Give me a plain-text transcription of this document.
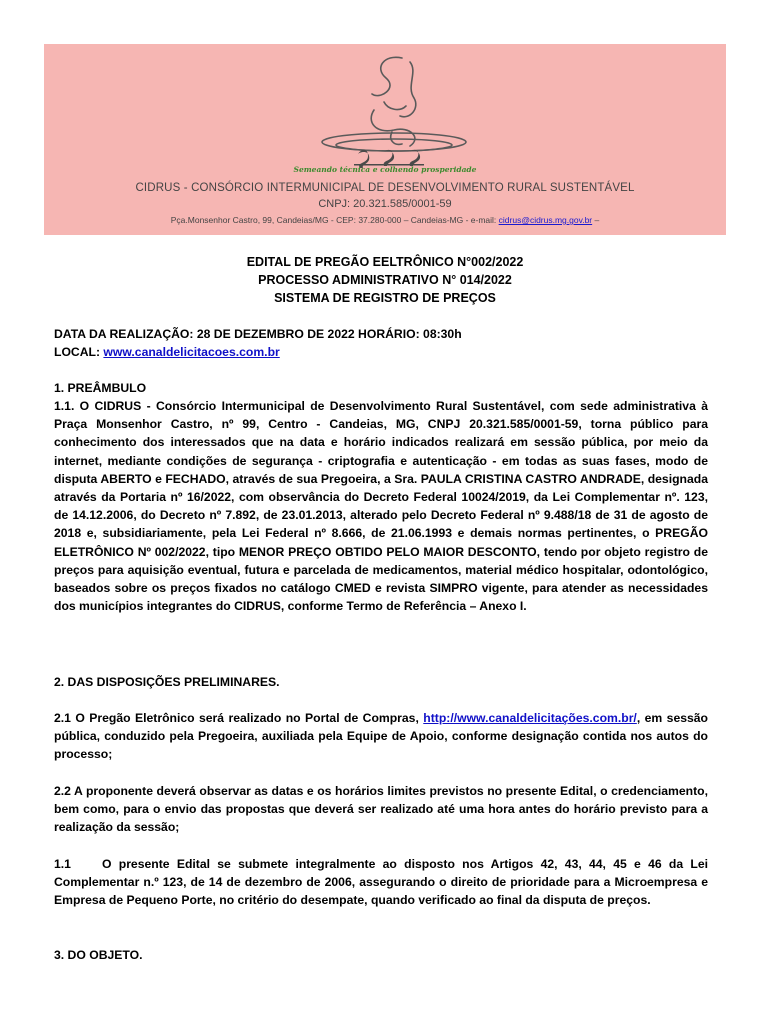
Semeando técnica e colhendo prosperidade
CIDRUS - CONSÓRCIO INTERMUNICIPAL DE DESENVOLVIMENTO RURAL SUSTENTÁVEL
CNPJ: 20.321.585/0001-59
Pça.Monsenhor Castro, 99, Candeias/MG - CEP: 37.280-000 – Candeias-MG - e-mail: cidrus@cidrus.mg.gov.br –
EDITAL DE PREGÃO EELTRÔNICO N°002/2022
PROCESSO ADMINISTRATIVO N° 014/2022
SISTEMA DE REGISTRO DE PREÇOS
DATA DA REALIZAÇÃO: 28 DE DEZEMBRO DE 2022 HORÁRIO: 08:30h
LOCAL: www.canaldelicitacoes.com.br
1. PREÂMBULO
1.1. O CIDRUS - Consórcio Intermunicipal de Desenvolvimento Rural Sustentável, com sede administrativa à Praça Monsenhor Castro, nº 99, Centro - Candeias, MG, CNPJ 20.321.585/0001-59, torna público para conhecimento dos interessados que na data e horário indicados realizará em sessão pública, por meio da internet, mediante condições de segurança - criptografia e autenticação - em todas as suas fases, modo de disputa ABERTO e FECHADO, através de sua Pregoeira, a Sra. PAULA CRISTINA CASTRO ANDRADE, designada através da Portaria nº 16/2022, com observância do Decreto Federal 10024/2019, da Lei Complementar nº. 123, de 14.12.2006, do Decreto nº 7.892, de 23.01.2013, alterado pelo Decreto Federal nº 9.488/18 de 31 de agosto de 2018 e, subsidiariamente, pela Lei Federal nº 8.666, de 21.06.1993 e demais normas pertinentes, o PREGÃO ELETRÔNICO Nº 002/2022, tipo MENOR PREÇO OBTIDO PELO MAIOR DESCONTO, tendo por objeto registro de preços para aquisição eventual, futura e parcelada de medicamentos, material médico hospitalar, odontológico, baseados sobre os preços fixados no catálogo CMED e revista SIMPRO vigente, para atender as necessidades dos municípios integrantes do CIDRUS, conforme Termo de Referência – Anexo I.
2. DAS DISPOSIÇÕES PRELIMINARES.
2.1 O Pregão Eletrônico será realizado no Portal de Compras, http://www.canaldelicitações.com.br/, em sessão pública, conduzido pela Pregoeira, auxiliada pela Equipe de Apoio, conforme designação contida nos autos do processo;
2.2 A proponente deverá observar as datas e os horários limites previstos no presente Edital, o credenciamento, bem como, para o envio das propostas que deverá ser realizado até uma hora antes do horário previsto para a realização da sessão;
1.1	O presente Edital se submete integralmente ao disposto nos Artigos 42, 43, 44, 45 e 46 da Lei Complementar n.º 123, de 14 de dezembro de 2006, assegurando o direito de prioridade para a Microempresa e Empresa de Pequeno Porte, no critério do desempate, quando verificado ao final da disputa de preços.
3. DO OBJETO.
